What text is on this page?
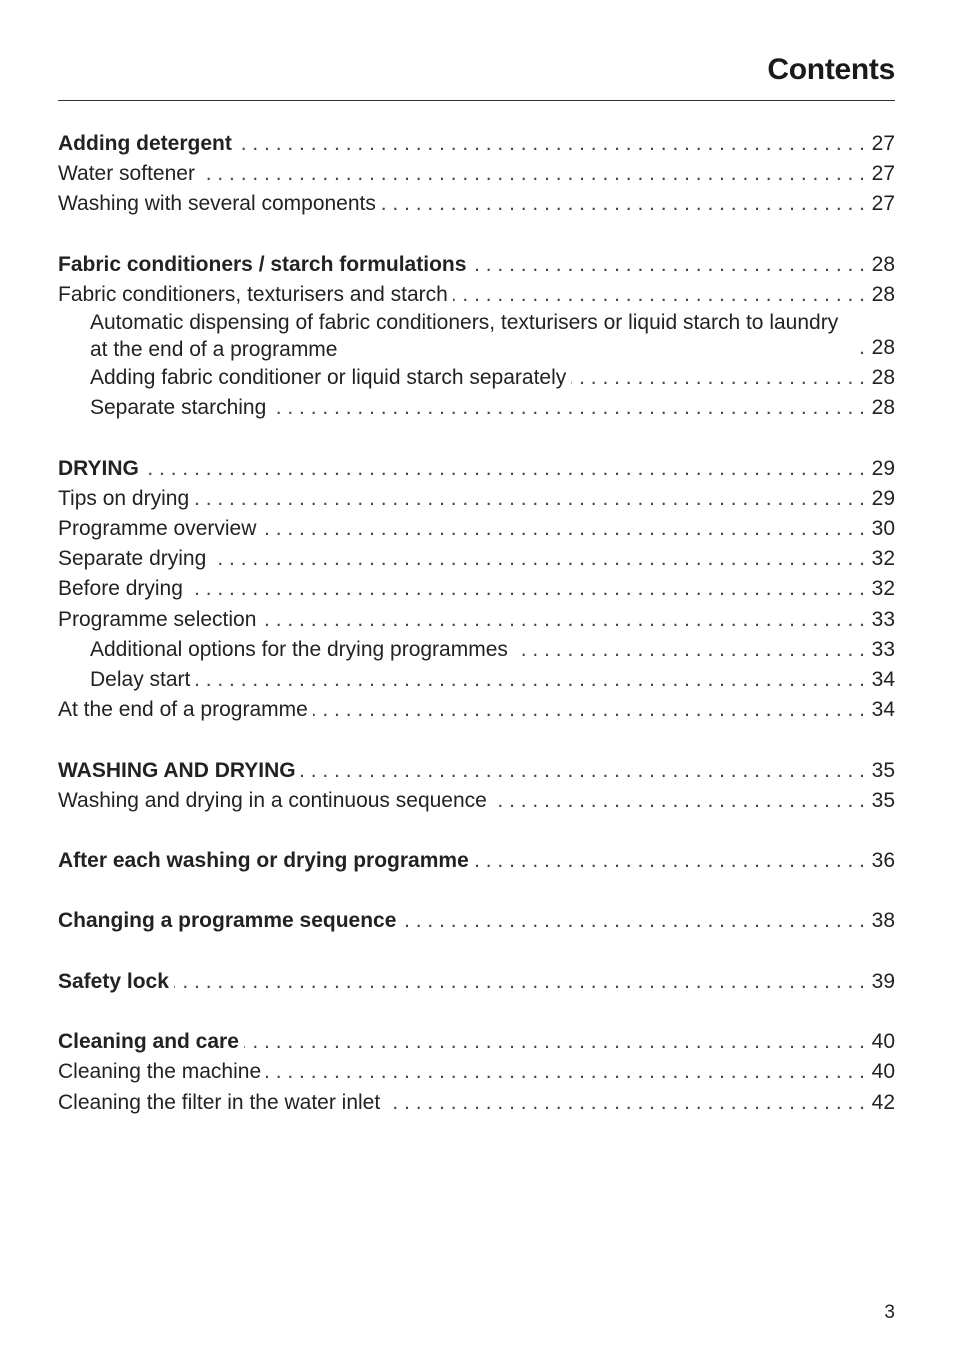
Contents
Adding detergent . . .	27
Water softener . . .	27
Washing with several components . . .	27
Fabric conditioners / starch formulations . . .	28
Fabric conditioners, texturisers and starch . . .	28
Automatic dispensing of fabric conditioners, texturisers or liquid starch to laundry at the end of a programme . . .	28
Adding fabric conditioner or liquid starch separately . . .	28
Separate starching . . .	28
DRYING . . .	29
Tips on drying . . .	29
Programme overview . . .	30
Separate drying . . .	32
Before drying . . .	32
Programme selection . . .	33
Additional options for the drying programmes . . .	33
Delay start . . .	34
At the end of a programme . . .	34
WASHING AND DRYING . . .	35
Washing and drying in a continuous sequence . . .	35
After each washing or drying programme . . .	36
Changing a programme sequence . . .	38
Safety lock . . .	39
Cleaning and care . . .	40
Cleaning the machine . . .	40
Cleaning the filter in the water inlet . . .	42
3
